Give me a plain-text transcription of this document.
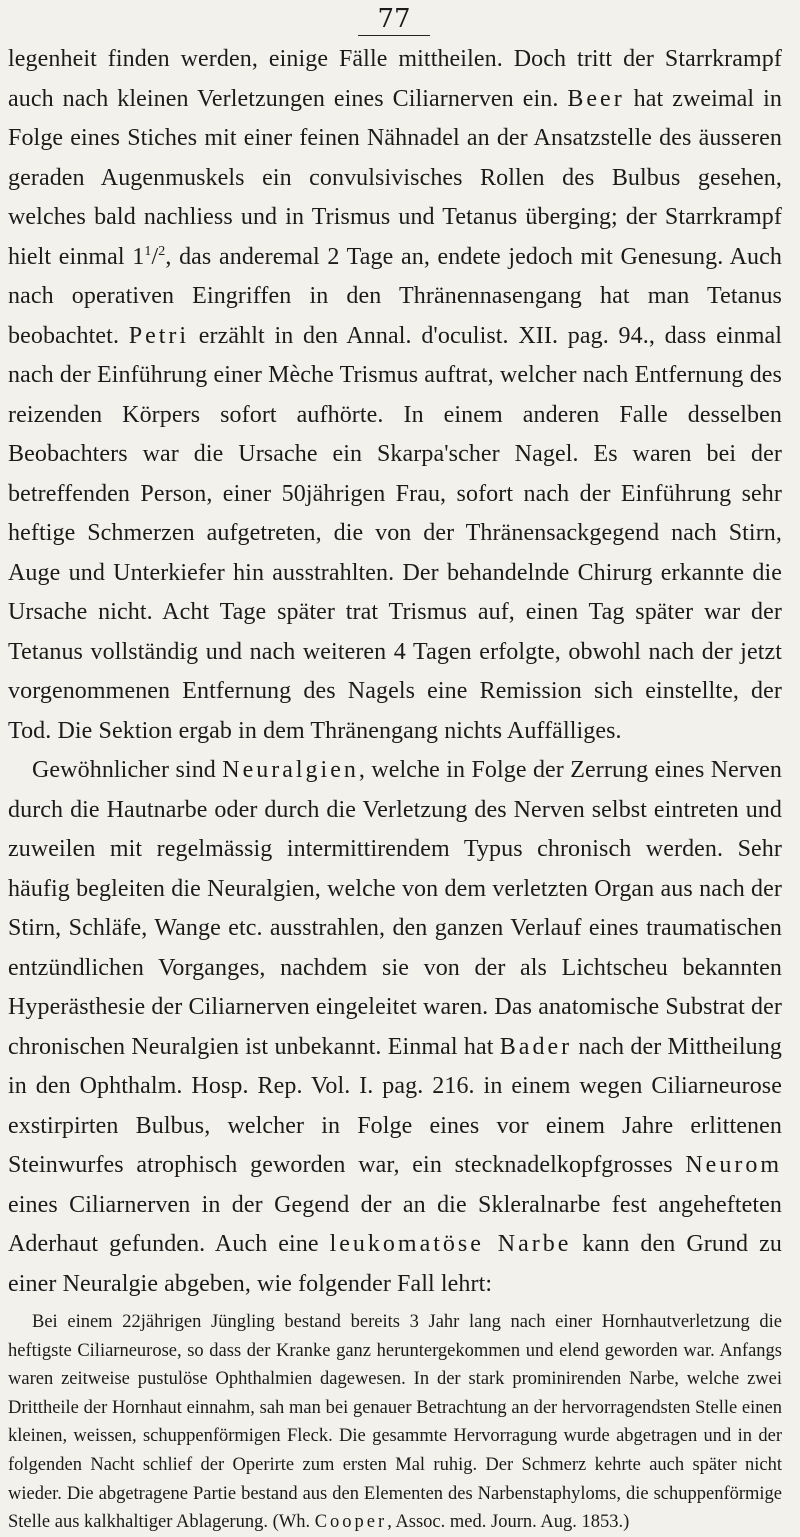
77

legenheit finden werden, einige Fälle mittheilen. Doch tritt der Starrkrampf auch nach kleinen Verletzungen eines Ciliarnerven ein. Beer hat zweimal in Folge eines Stiches mit einer feinen Nähnadel an der Ansatzstelle des äusseren geraden Augenmuskels ein convulsivisches Rollen des Bulbus gesehen, welches bald nachliess und in Trismus und Tetanus überging; der Starrkrampf hielt einmal $1^1/^2$, das anderemal 2 Tage an, endete jedoch mit Genesung. Auch nach operativen Eingriffen in den Thränennasengang hat man Tetanus beobachtet. Petri erzählt in den Annal. d'oculist. XII. pag. 94., dass einmal nach der Einführung einer Mèche Trismus auftrat, welcher nach Entfernung des reizenden Körpers sofort aufhörte. In einem anderen Falle desselben Beobachters war die Ursache ein Skarpa'scher Nagel. Es waren bei der betreffenden Person, einer 50jährigen Frau, sofort nach der Einführung sehr heftige Schmerzen aufgetreten, die von der Thränensackgegend nach Stirn, Auge und Unterkiefer hin ausstrahlten. Der behandelnde Chirurg erkannte die Ursache nicht. Acht Tage später trat Trismus auf, einen Tag später war der Tetanus vollständig und nach weiteren 4 Tagen erfolgte, obwohl nach der jetzt vorgenommenen Entfernung des Nagels eine Remission sich einstellte, der Tod. Die Sektion ergab in dem Thränengang nichts Auffälliges.

Gewöhnlicher sind Neuralgien, welche in Folge der Zerrung eines Nerven durch die Hautnarbe oder durch die Verletzung des Nerven selbst eintreten und zuweilen mit regelmässig intermittirendem Typus chronisch werden. Sehr häufig begleiten die Neuralgien, welche von dem verletzten Organ aus nach der Stirn, Schläfe, Wange etc. ausstrahlen, den ganzen Verlauf eines traumatischen entzündlichen Vorganges, nachdem sie von der als Lichtscheu bekannten Hyperästhesie der Ciliarnerven eingeleitet waren. Das anatomische Substrat der chronischen Neuralgien ist unbekannt. Einmal hat Bader nach der Mittheilung in den Ophthalm. Hosp. Rep. Vol. I. pag. 216. in einem wegen Ciliarneurose exstirpirten Bulbus, welcher in Folge eines vor einem Jahre erlittenen Steinwurfes atrophisch geworden war, ein stecknadelkopfgrosses Neurom eines Ciliarnerven in der Gegend der an die Skleralnarbe fest angehefteten Aderhaut gefunden. Auch eine leukomatöse Narbe kann den Grund zu einer Neuralgie abgeben, wie folgender Fall lehrt:

Bei einem 22jährigen Jüngling bestand bereits 3 Jahr lang nach einer Hornhautverletzung die heftigste Ciliarneurose, so dass der Kranke ganz heruntergekommen und elend geworden war. Anfangs waren zeitweise pustulöse Ophthalmien dagewesen. In der stark prominirenden Narbe, welche zwei Drittheile der Hornhaut einnahm, sah man bei genauer Betrachtung an der hervorragendsten Stelle einen kleinen, weissen, schuppenförmigen Fleck. Die gesammte Hervorragung wurde abgetragen und in der folgenden Nacht schlief der Operirte zum ersten Mal ruhig. Der Schmerz kehrte auch später nicht wieder. Die abgetragene Partie bestand aus den Elementen des Narbenstaphyloms, die schuppenförmige Stelle aus kalkhaltiger Ablagerung. (Wh. Cooper, Assoc. med. Journ. Aug. 1853.)
